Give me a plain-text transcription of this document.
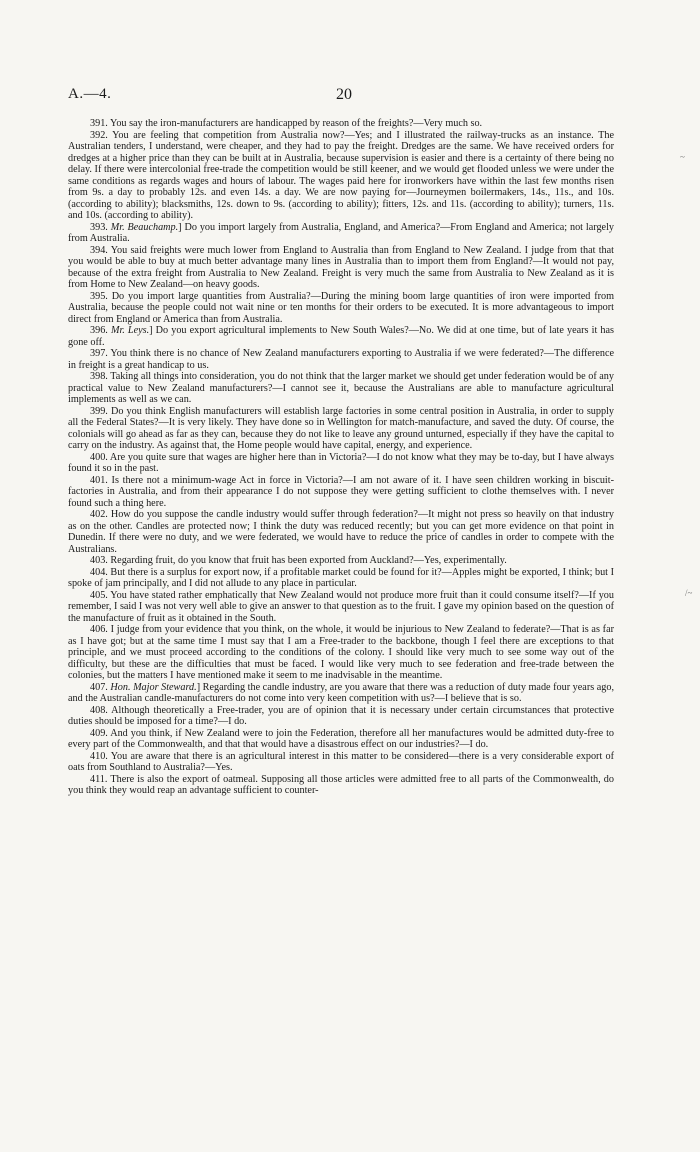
A.—4.	20

391. You say the iron-manufacturers are handicapped by reason of the freights?—Very much so.

392. You are feeling that competition from Australia now?—Yes; and I illustrated the railway-trucks as an instance. The Australian tenders, I understand, were cheaper, and they had to pay the freight. Dredges are the same. We have received orders for dredges at a higher price than they can be built at in Australia, because supervision is easier and there is a certainty of there being no delay. If there were intercolonial free-trade the competition would be still keener, and we would get flooded unless we were under the same conditions as regards wages and hours of labour. The wages paid here for ironworkers have within the last few months risen from 9s. a day to probably 12s. and even 14s. a day. We are now paying for—Journeymen boilermakers, 14s., 11s., and 10s. (according to ability); blacksmiths, 12s. down to 9s. (according to ability); fitters, 12s. and 11s. (according to ability); turners, 11s. and 10s. (according to ability).

393. Mr. Beauchamp.] Do you import largely from Australia, England, and America?—From England and America; not largely from Australia.

394. You said freights were much lower from England to Australia than from England to New Zealand. I judge from that that you would be able to buy at much better advantage many lines in Australia than to import them from England?—It would not pay, because of the extra freight from Australia to New Zealand. Freight is very much the same from Australia to New Zealand as it is from Home to New Zealand—on heavy goods.

395. Do you import large quantities from Australia?—During the mining boom large quantities of iron were imported from Australia, because the people could not wait nine or ten months for their orders to be executed. It is more advantageous to import direct from England or America than from Australia.

396. Mr. Leys.] Do you export agricultural implements to New South Wales?—No. We did at one time, but of late years it has gone off.

397. You think there is no chance of New Zealand manufacturers exporting to Australia if we were federated?—The difference in freight is a great handicap to us.

398. Taking all things into consideration, you do not think that the larger market we should get under federation would be of any practical value to New Zealand manufacturers?—I cannot see it, because the Australians are able to manufacture agricultural implements as well as we can.

399. Do you think English manufacturers will establish large factories in some central position in Australia, in order to supply all the Federal States?—It is very likely. They have done so in Wellington for match-manufacture, and saved the duty. Of course, the colonials will go ahead as far as they can, because they do not like to leave any ground unturned, especially if they have the capital to carry on the industry. As against that, the Home people would have capital, energy, and experience.

400. Are you quite sure that wages are higher here than in Victoria?—I do not know what they may be to-day, but I have always found it so in the past.

401. Is there not a minimum-wage Act in force in Victoria?—I am not aware of it. I have seen children working in biscuit-factories in Australia, and from their appearance I do not suppose they were getting sufficient to clothe themselves with. I never found such a thing here.

402. How do you suppose the candle industry would suffer through federation?—It might not press so heavily on that industry as on the other. Candles are protected now; I think the duty was reduced recently; but you can get more evidence on that point in Dunedin. If there were no duty, and we were federated, we would have to reduce the price of candles in order to compete with the Australians.

403. Regarding fruit, do you know that fruit has been exported from Auckland?—Yes, experimentally.

404. But there is a surplus for export now, if a profitable market could be found for it?—Apples might be exported, I think; but I spoke of jam principally, and I did not allude to any place in particular.

405. You have stated rather emphatically that New Zealand would not produce more fruit than it could consume itself?—If you remember, I said I was not very well able to give an answer to that question as to the fruit. I gave my opinion based on the question of the manufacture of fruit as it obtained in the South.

406. I judge from your evidence that you think, on the whole, it would be injurious to New Zealand to federate?—That is as far as I have got; but at the same time I must say that I am a Free-trader to the backbone, though I feel there are exceptions to that principle, and we must proceed according to the conditions of the colony. I should like very much to see some way out of the difficulty, but these are the difficulties that must be faced. I would like very much to see federation and free-trade between the colonies, but the matters I have mentioned make it seem to me inadvisable in the meantime.

407. Hon. Major Steward.] Regarding the candle industry, are you aware that there was a reduction of duty made four years ago, and the Australian candle-manufacturers do not come into very keen competition with us?—I believe that is so.

408. Although theoretically a Free-trader, you are of opinion that it is necessary under certain circumstances that protective duties should be imposed for a time?—I do.

409. And you think, if New Zealand were to join the Federation, therefore all her manufactures would be admitted duty-free to every part of the Commonwealth, and that that would have a disastrous effect on our industries?—I do.

410. You are aware that there is an agricultural interest in this matter to be considered—there is a very considerable export of oats from Southland to Australia?—Yes.

411. There is also the export of oatmeal. Supposing all those articles were admitted free to all parts of the Commonwealth, do you think they would reap an advantage sufficient to counter-

~
/~
